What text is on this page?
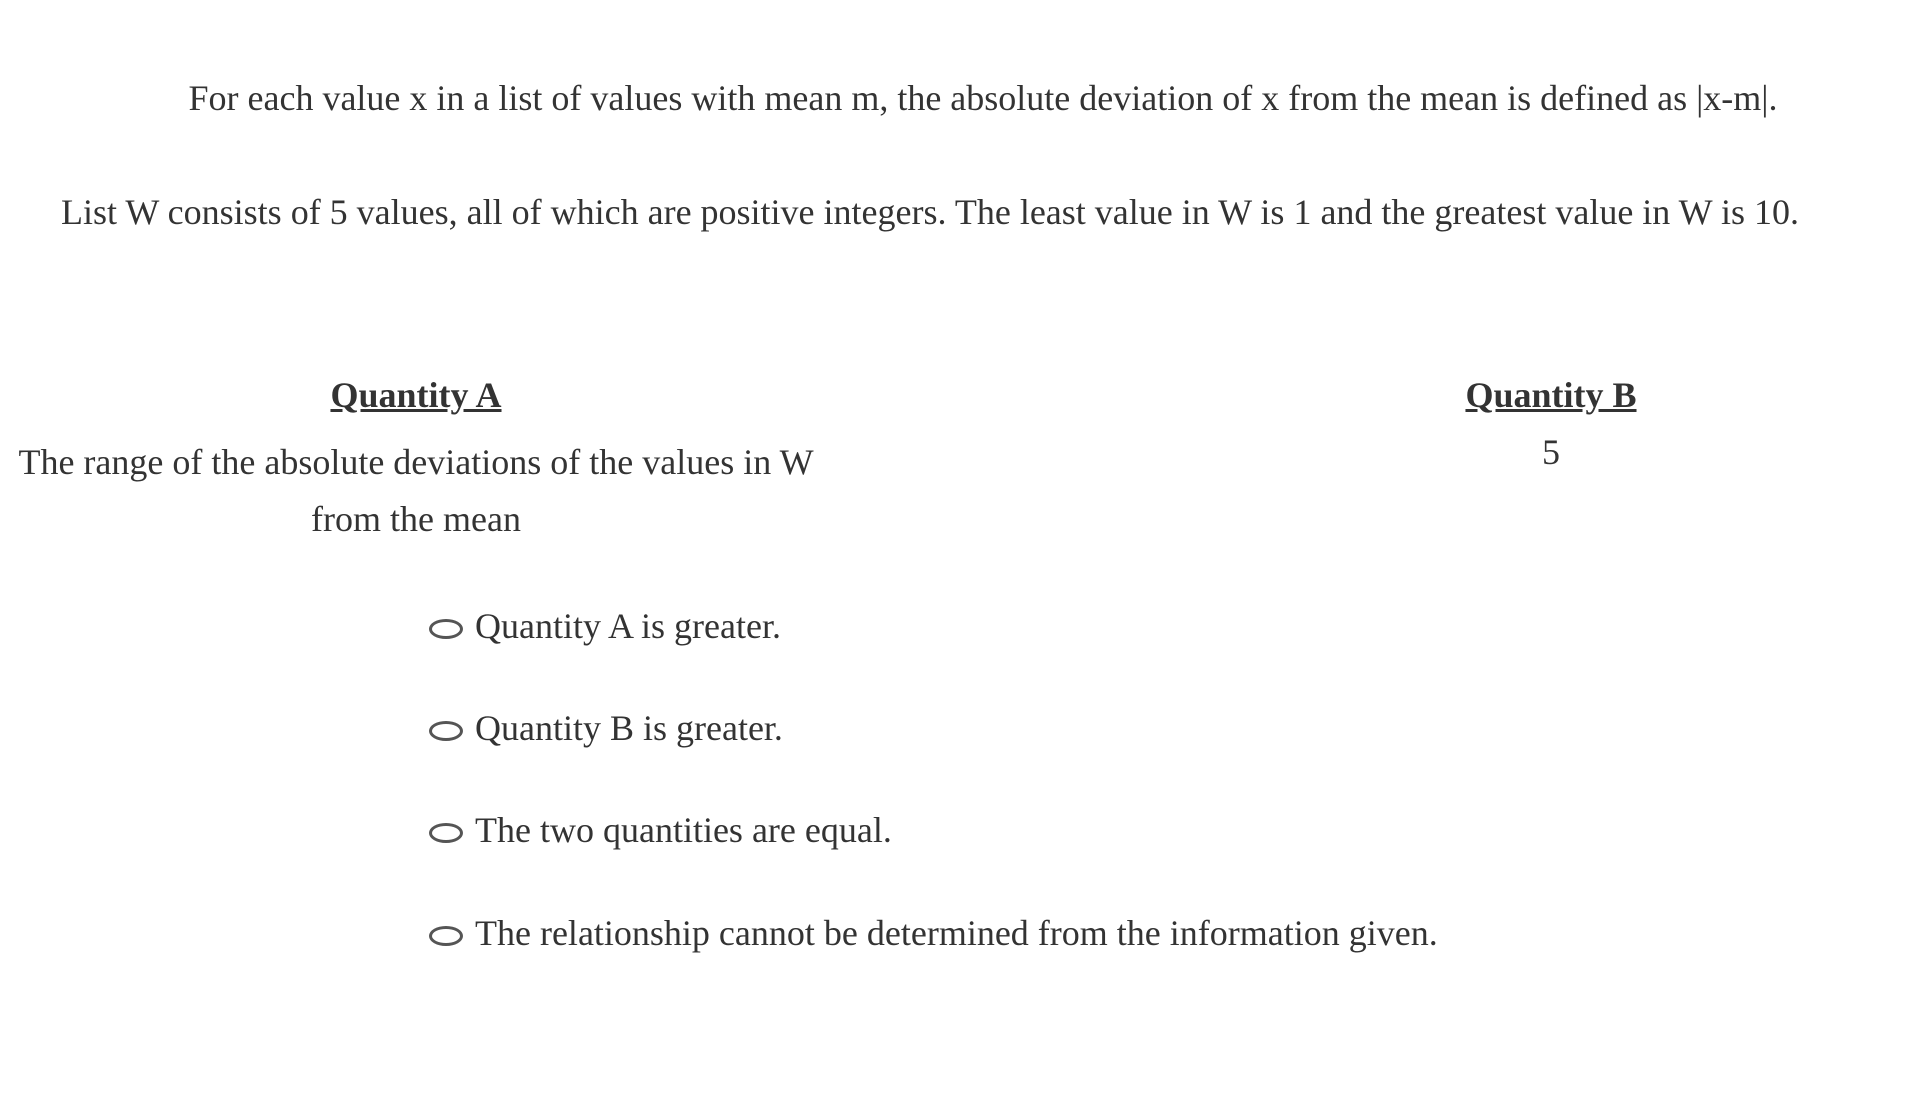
For each value x in a list of values with mean m, the absolute deviation of x from the mean is defined as |x-m|.
List W consists of 5 values, all of which are positive integers. The least value in W is 1 and the greatest value in W is 10.
Quantity A	Quantity B
The range of the absolute deviations of the values in W from the mean
5
Quantity A is greater.
Quantity B is greater.
The two quantities are equal.
The relationship cannot be determined from the information given.
